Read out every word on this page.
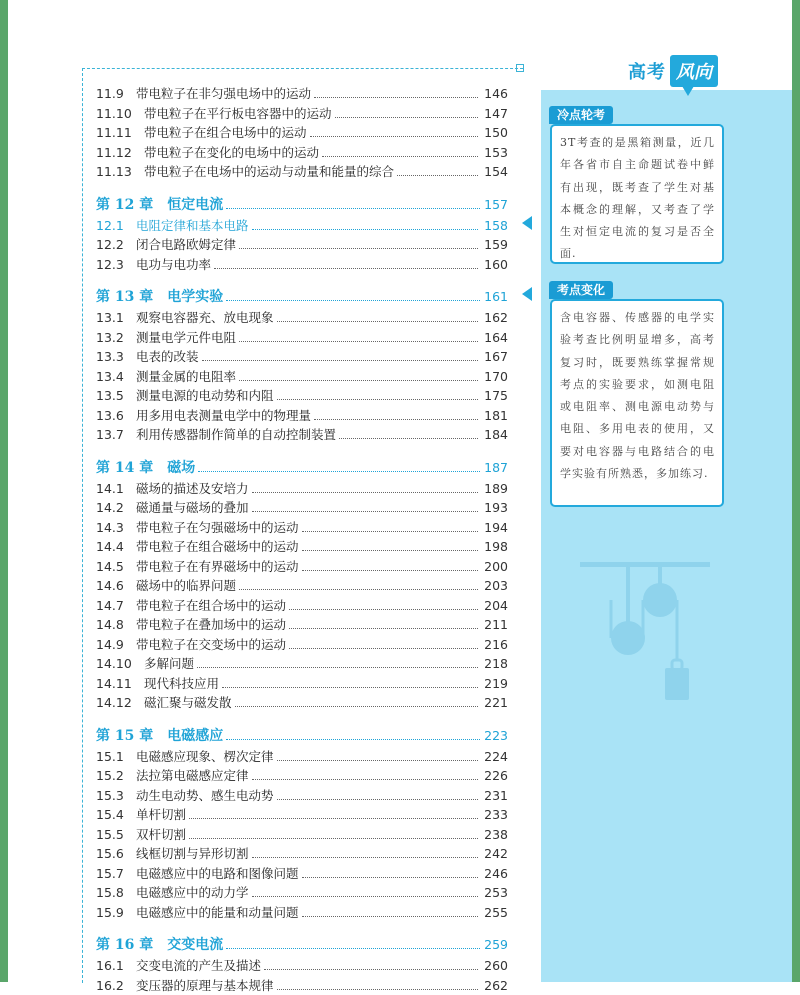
高考 风向
11.9 带电粒子在非匀强电场中的运动	146
11.10 带电粒子在平行板电容器中的运动	147
11.11 带电粒子在组合电场中的运动	150
11.12 带电粒子在变化的电场中的运动	153
11.13 带电粒子在电场中的运动与动量和能量的综合	154
第 12 章 恒定电流	157
12.1 电阻定律和基本电路	158
12.2 闭合电路欧姆定律	159
12.3 电功与电功率	160
第 13 章 电学实验	161
13.1 观察电容器充、放电现象	162
13.2 测量电学元件电阻	164
13.3 电表的改装	167
13.4 测量金属的电阻率	170
13.5 测量电源的电动势和内阻	175
13.6 用多用电表测量电学中的物理量	181
13.7 利用传感器制作简单的自动控制装置	184
第 14 章 磁场	187
14.1 磁场的描述及安培力	189
14.2 磁通量与磁场的叠加	193
14.3 带电粒子在匀强磁场中的运动	194
14.4 带电粒子在组合磁场中的运动	198
14.5 带电粒子在有界磁场中的运动	200
14.6 磁场中的临界问题	203
14.7 带电粒子在组合场中的运动	204
14.8 带电粒子在叠加场中的运动	211
14.9 带电粒子在交变场中的运动	216
14.10 多解问题	218
14.11 现代科技应用	219
14.12 磁汇聚与磁发散	221
第 15 章 电磁感应	223
15.1 电磁感应现象、楞次定律	224
15.2 法拉第电磁感应定律	226
15.3 动生电动势、感生电动势	231
15.4 单杆切割	233
15.5 双杆切割	238
15.6 线框切割与异形切割	242
15.7 电磁感应中的电路和图像问题	246
15.8 电磁感应中的动力学	253
15.9 电磁感应中的能量和动量问题	255
第 16 章 交变电流	259
16.1 交变电流的产生及描述	260
16.2 变压器的原理与基本规律	262
冷点轮考
3T考查的是黑箱测量，近几年各省市自主命题试卷中鲜有出现，既考查了学生对基本概念的理解，又考查了学生对恒定电流的复习是否全面.
考点变化
含电容器、传感器的电学实验考查比例明显增多，高考复习时，既要熟练掌握常规考点的实验要求，如测电阻或电阻率、测电源电动势与电阻、多用电表的使用，又要对电容器与电路结合的电学实验有所熟悉，多加练习.
